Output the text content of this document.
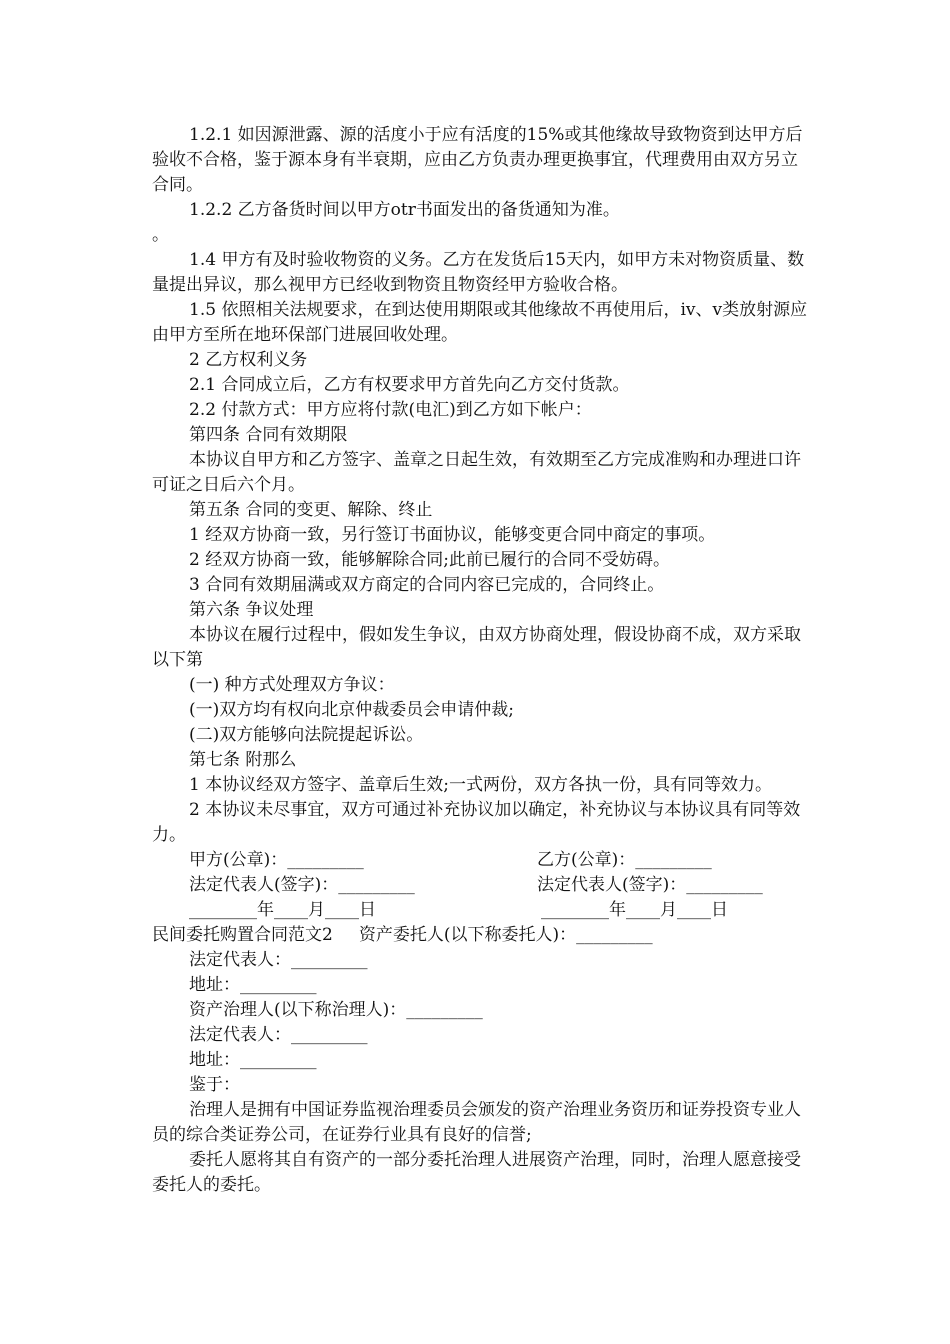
1.2.1 如因源泄露、源的活度小于应有活度的15%或其他缘故导致物资到达甲方后验收不合格，鉴于源本身有半衰期，应由乙方负责办理更换事宜，代理费用由双方另立合同。

1.2.2 乙方备货时间以甲方otr书面发出的备货通知为准。

。

1.4 甲方有及时验收物资的义务。乙方在发货后15天内，如甲方未对物资质量、数量提出异议，那么视甲方已经收到物资且物资经甲方验收合格。

1.5 依照相关法规要求，在到达使用期限或其他缘故不再使用后，iv、v类放射源应由甲方至所在地环保部门进展回收处理。

2 乙方权利义务

2.1 合同成立后，乙方有权要求甲方首先向乙方交付货款。

2.2 付款方式：甲方应将付款(电汇)到乙方如下帐户：

第四条 合同有效期限

本协议自甲方和乙方签字、盖章之日起生效，有效期至乙方完成准购和办理进口许可证之日后六个月。

第五条 合同的变更、解除、终止

1 经双方协商一致，另行签订书面协议，能够变更合同中商定的事项。

2 经双方协商一致，能够解除合同;此前已履行的合同不受妨碍。

3 合同有效期届满或双方商定的合同内容已完成的，合同终止。

第六条 争议处理

本协议在履行过程中，假如发生争议，由双方协商处理，假设协商不成，双方采取以下第

(一) 种方式处理双方争议：

(一)双方均有权向北京仲裁委员会申请仲裁;

(二)双方能够向法院提起诉讼。

第七条 附那么

1 本协议经双方签字、盖章后生效;一式两份，双方各执一份，具有同等效力。

2 本协议未尽事宜，双方可通过补充协议加以确定，补充协议与本协议具有同等效力。

甲方(公章)：_________	乙方(公章)：_________
法定代表人(签字)：_________	法定代表人(签字)：_________
________年____月____日	________年____月____日

民间委托购置合同范文2 资产委托人(以下称委托人)：_________

法定代表人：_________

地址：_________

资产治理人(以下称治理人)：_________

法定代表人：_________

地址：_________

鉴于：

治理人是拥有中国证券监视治理委员会颁发的资产治理业务资历和证券投资专业人员的综合类证券公司，在证券行业具有良好的信誉;

委托人愿将其自有资产的一部分委托治理人进展资产治理，同时，治理人愿意接受委托人的委托。
